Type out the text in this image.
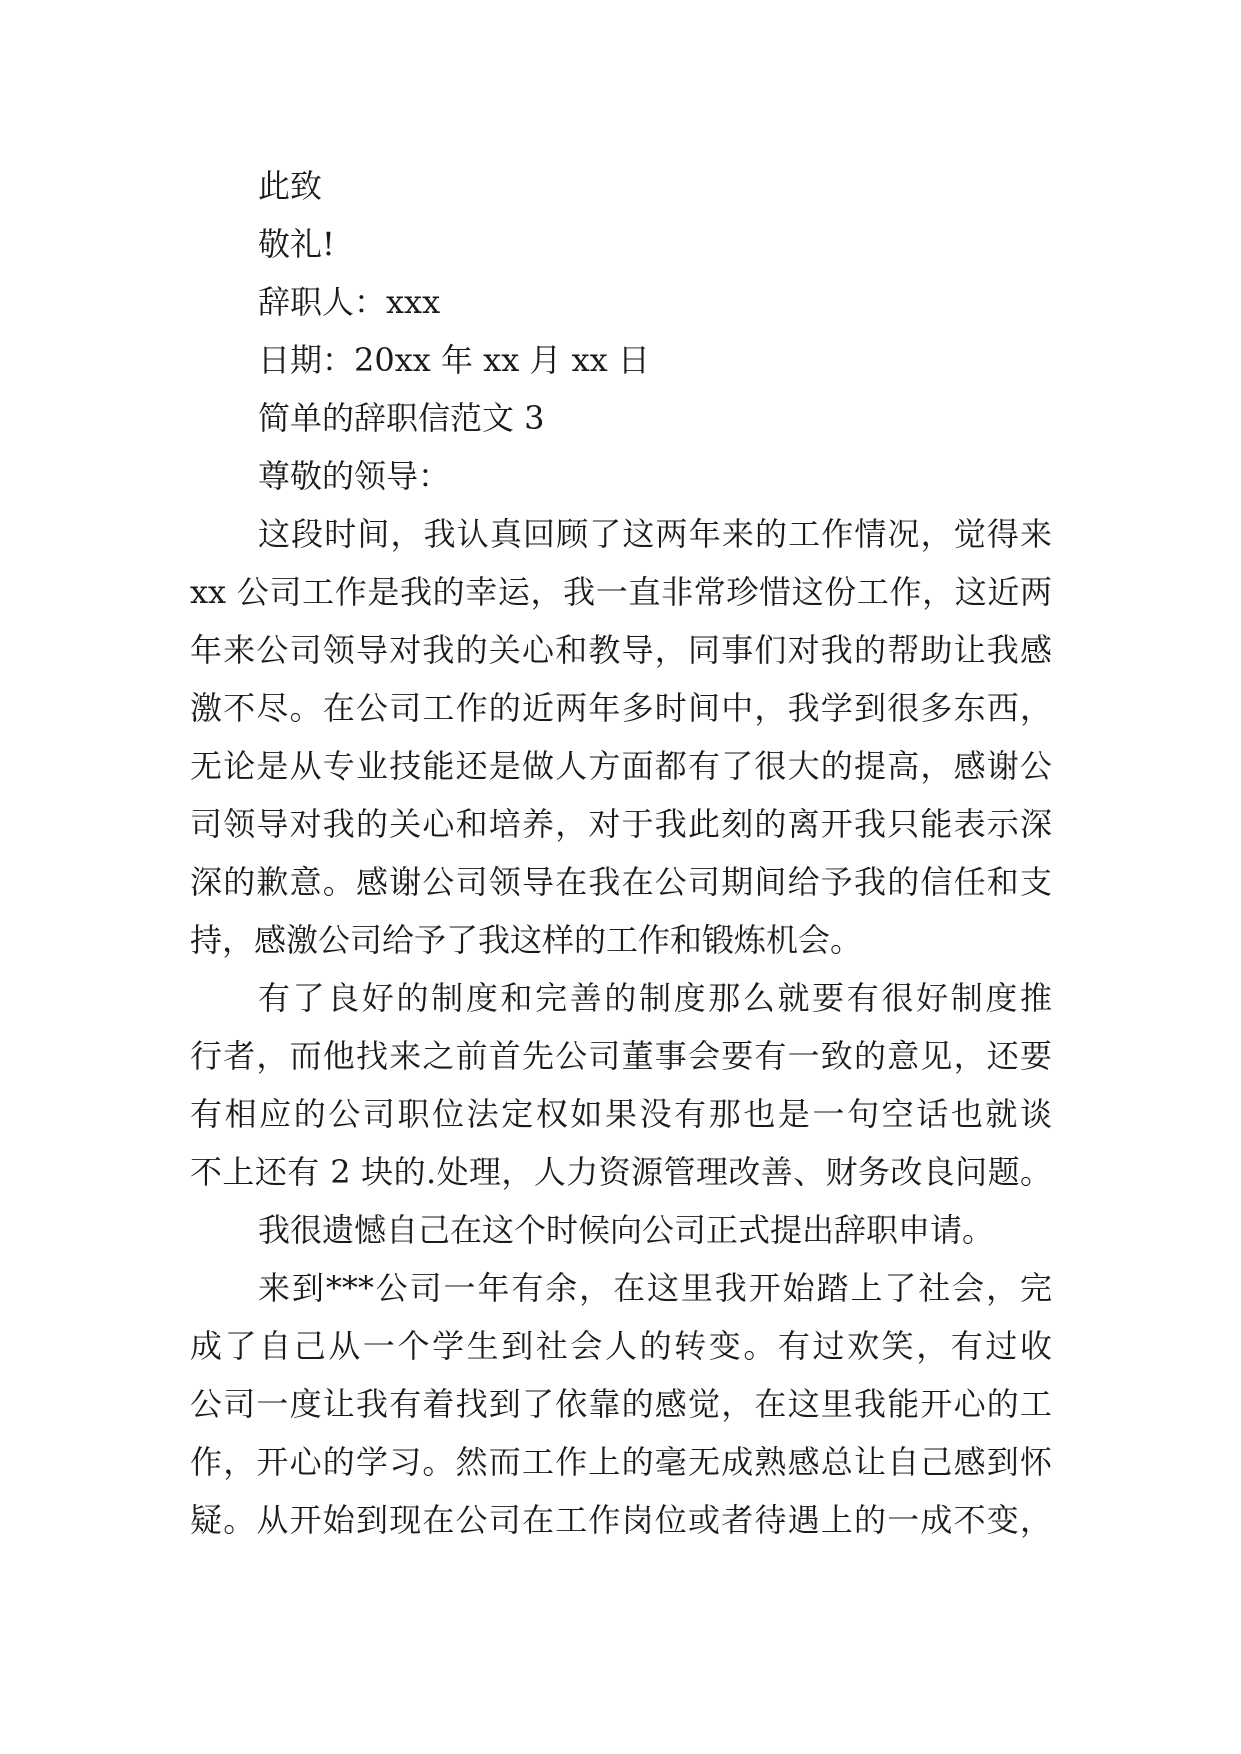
此致

敬礼!

辞职人：xxx

日期：20xx 年 xx 月 xx 日

简单的辞职信范文 3

尊敬的领导：

这段时间，我认真回顾了这两年来的工作情况，觉得来

xx 公司工作是我的幸运，我一直非常珍惜这份工作，这近两

年来公司领导对我的关心和教导，同事们对我的帮助让我感

激不尽。在公司工作的近两年多时间中，我学到很多东西，

无论是从专业技能还是做人方面都有了很大的提高，感谢公

司领导对我的关心和培养，对于我此刻的离开我只能表示深

深的歉意。感谢公司领导在我在公司期间给予我的信任和支

持，感激公司给予了我这样的工作和锻炼机会。

有了良好的制度和完善的制度那么就要有很好制度推

行者，而他找来之前首先公司董事会要有一致的意见，还要

有相应的公司职位法定权如果没有那也是一句空话也就谈

不上还有 2 块的.处理，人力资源管理改善、财务改良问题。

我很遗憾自己在这个时候向公司正式提出辞职申请。

来到***公司一年有余，在这里我开始踏上了社会，完

成了自己从一个学生到社会人的转变。有过欢笑，有过收

公司一度让我有着找到了依靠的感觉，在这里我能开心的工

作，开心的学习。然而工作上的毫无成熟感总让自己感到怀

疑。从开始到现在公司在工作岗位或者待遇上的一成不变，
